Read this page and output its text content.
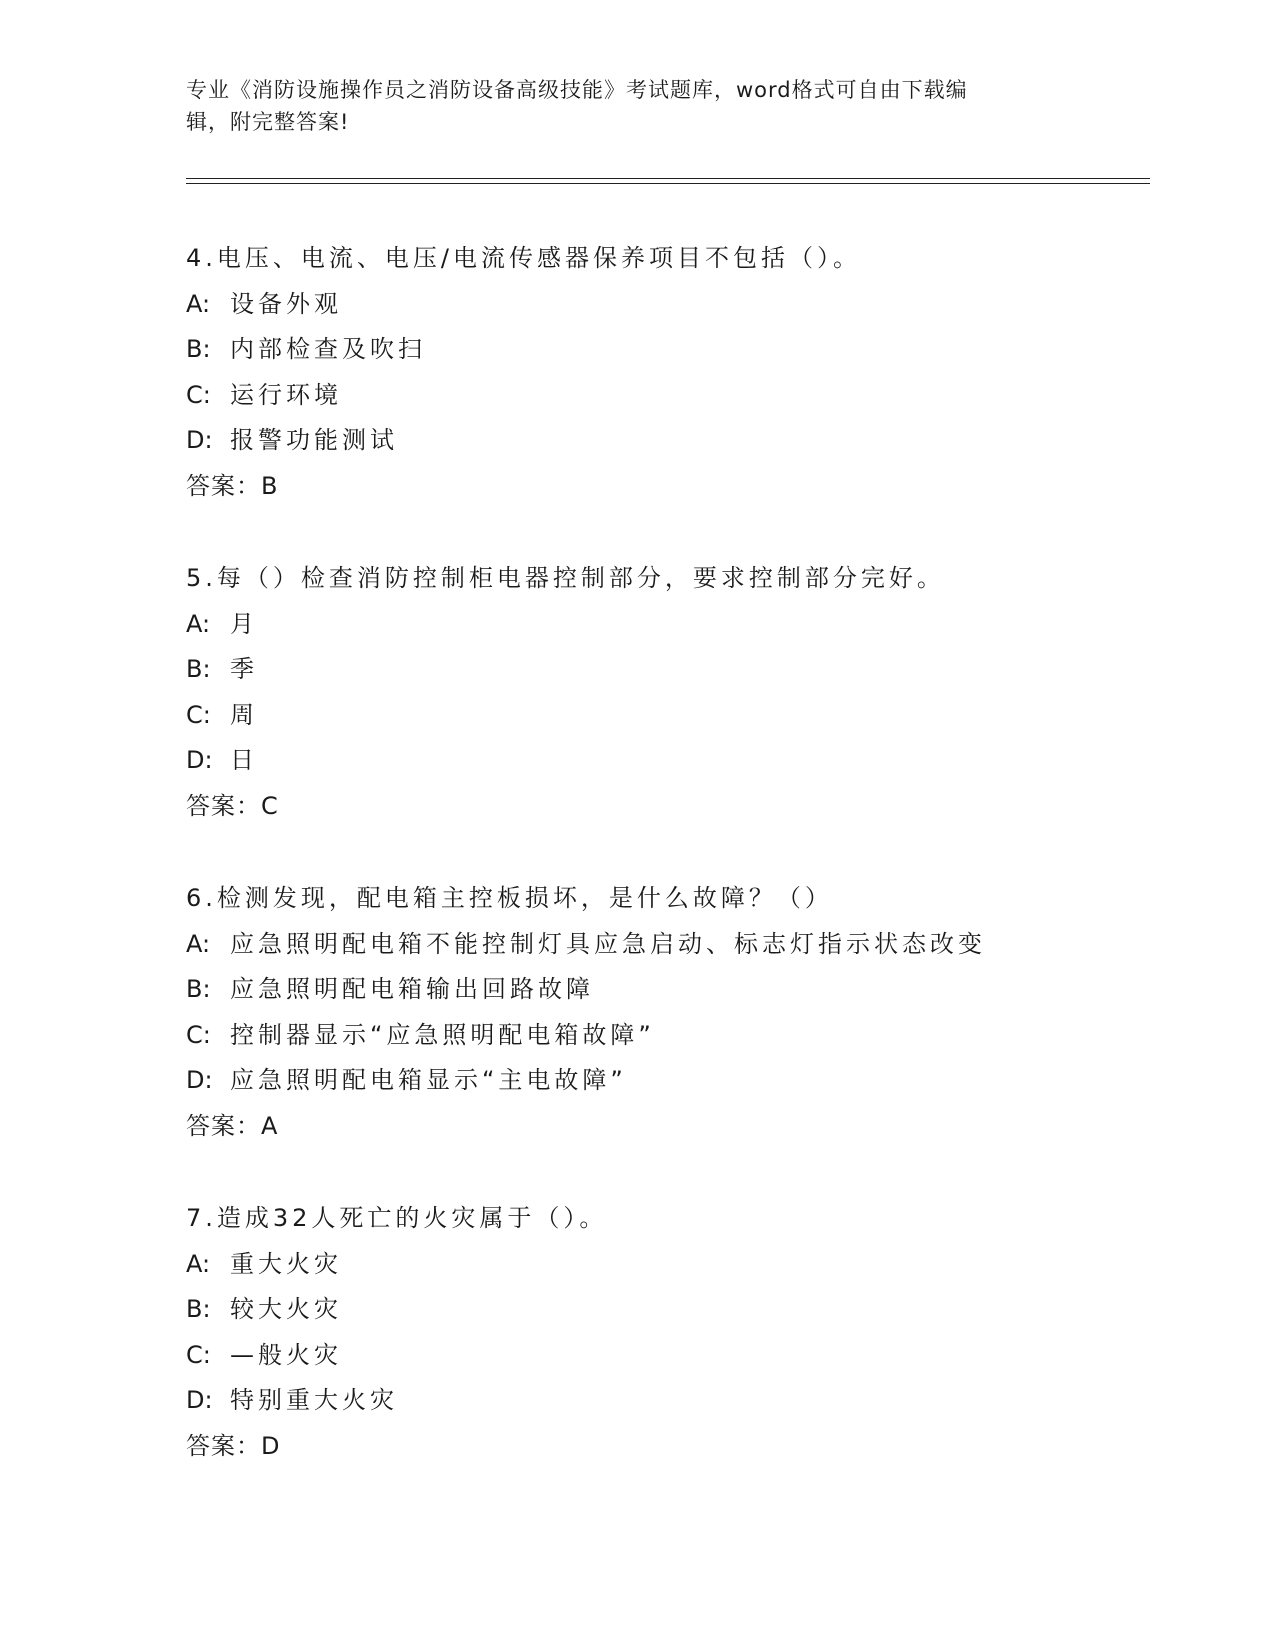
专业《消防设施操作员之消防设备高级技能》考试题库，word格式可自由下载编
辑，附完整答案!
4.电压、电流、电压/电流传感器保养项目不包括（）。
A: 设备外观
B: 内部检查及吹扫
C: 运行环境
D: 报警功能测试
答案：B
5.每（）检查消防控制柜电器控制部分，要求控制部分完好。
A: 月
B: 季
C: 周
D: 日
答案：C
6.检测发现，配电箱主控板损坏，是什么故障？（）
A: 应急照明配电箱不能控制灯具应急启动、标志灯指示状态改变
B: 应急照明配电箱输出回路故障
C: 控制器显示“应急照明配电箱故障”
D: 应急照明配电箱显示“主电故障”
答案：A
7.造成32人死亡的火灾属于（）。
A: 重大火灾
B: 较大火灾
C: —般火灾
D: 特别重大火灾
答案：D
